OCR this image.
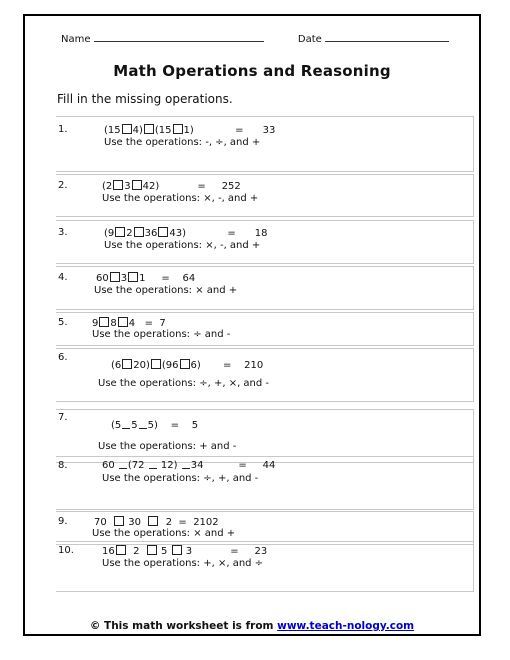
Name	Date
Math Operations and Reasoning
Fill in the missing operations.
1.	(15 4) (15 1)             =      33
Use the operations: -, ÷, and +
2.	(2 3 42)            =     252
Use the operations: ×, -, and +
3.	(9 2 36 43)             =      18
Use the operations: ×, -, and +
4.	60 3 1     =    64
Use the operations: × and +
5. 9 8 4   =  7
Use the operations: ÷ and -
6.
(6 20) (96 6)       =    210
Use the operations: ÷, +, ×, and -
7.
(5 5 5)    =    5
Use the operations: + and -
8.	60 (72  12) 34           =     44
Use the operations: ÷, +, and -
9.	70   30    2  =  2102
Use the operations: × and +
10.	16  2   5  3            =     23
Use the operations: +, ×, and ÷
© This math worksheet is from www.teach-nology.com
